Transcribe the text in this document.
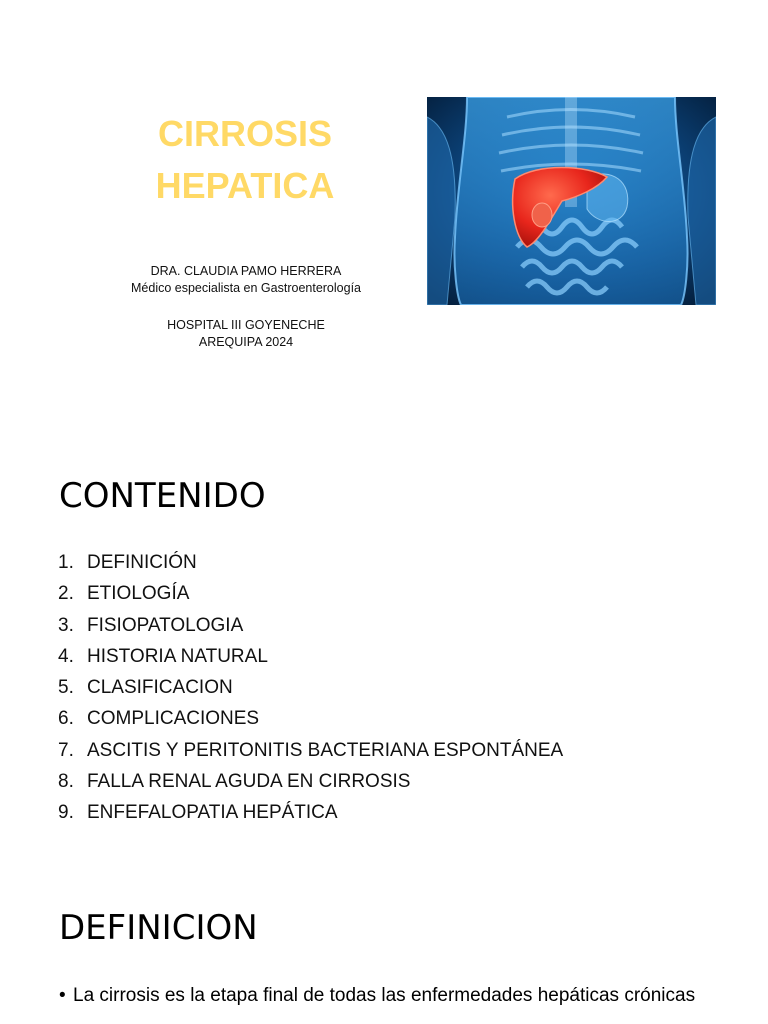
CIRROSIS
HEPATICA
DRA. CLAUDIA PAMO HERRERA
Médico especialista en Gastroenterología
HOSPITAL III GOYENECHE
AREQUIPA 2024
CONTENIDO
1. DEFINICIÓN
2. ETIOLOGÍA
3. FISIOPATOLOGIA
4. HISTORIA NATURAL
5. CLASIFICACION
6. COMPLICACIONES
7. ASCITIS Y PERITONITIS BACTERIANA ESPONTÁNEA
8. FALLA RENAL AGUDA EN CIRROSIS
9. ENFEFALOPATIA HEPÁTICA
DEFINICION
• La cirrosis es la etapa final de todas las enfermedades hepáticas crónicas
